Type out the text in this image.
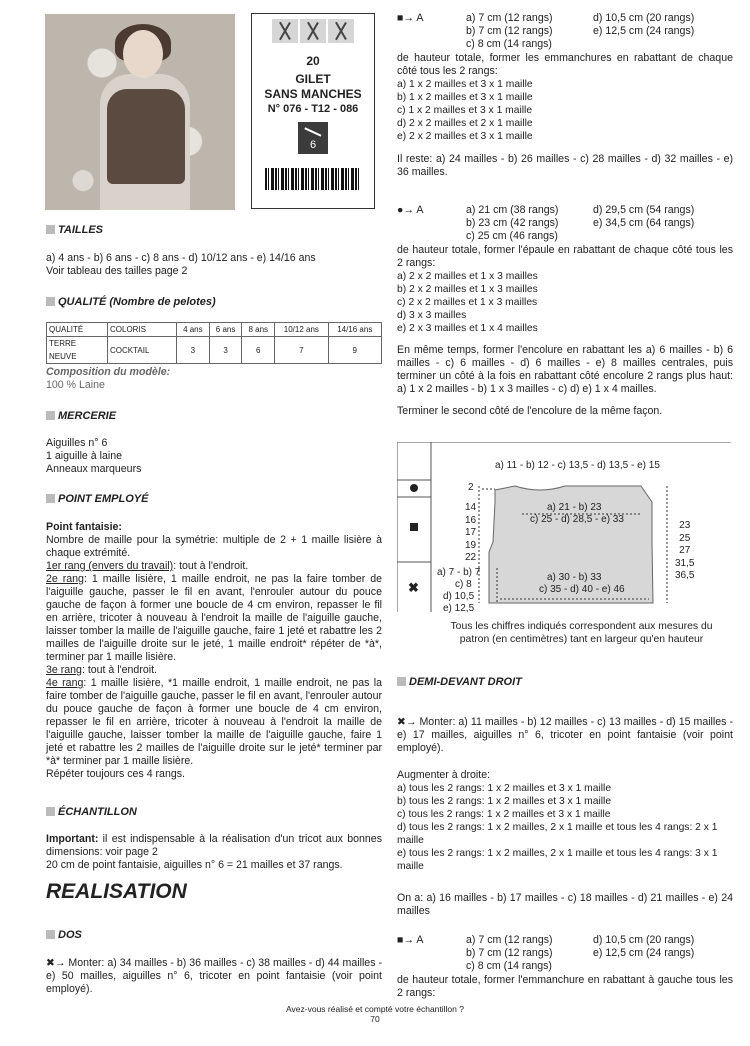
20
GILET
SANS MANCHES
N° 076 - T12 - 086
6
TAILLES
a) 4 ans - b) 6 ans - c) 8 ans - d) 10/12 ans - e) 14/16 ans
Voir tableau des tailles page 2
QUALITÉ (Nombre de pelotes)
QUALITÉ	COLORIS	4 ans	6 ans	8 ans	10/12 ans	14/16 ans
TERRE NEUVE	COCKTAIL	3	3	6	7	9
Composition du modèle:
100 % Laine
MERCERIE
Aiguilles n° 6
1 aiguille à laine
Anneaux marqueurs
POINT EMPLOYÉ
Point fantaisie:
Nombre de maille pour la symétrie: multiple de 2 + 1 maille lisière à chaque extrémité.
1er rang (envers du travail): tout à l'endroit.
2e rang: 1 maille lisière, 1 maille endroit, ne pas la faire tomber de l'aiguille gauche, passer le fil en avant, l'enrouler autour du pouce gauche de façon à former une boucle de 4 cm environ, repasser le fil en arrière, tricoter à nouveau à l'endroit la maille de l'aiguille gauche, laisser tomber la maille de l'aiguille gauche, faire 1 jeté et rabattre les 2 mailles de l'aiguille droite sur le jeté, 1 maille endroit* répéter de *à*, terminer par 1 maille lisière.
3e rang: tout à l'endroit.
4e rang: 1 maille lisière, *1 maille endroit, 1 maille endroit, ne pas la faire tomber de l'aiguille gauche, passer le fil en avant, l'enrouler autour du pouce gauche de façon à former une boucle de 4 cm environ, repasser le fil en arrière, tricoter à nouveau à l'endroit la maille de l'aiguille gauche, laisser tomber la maille de l'aiguille gauche, faire 1 jeté et rabattre les 2 mailles de l'aiguille droite sur le jeté* terminer par *à* terminer par 1 maille lisière.
Répéter toujours ces 4 rangs.
ÉCHANTILLON
Important: il est indispensable à la réalisation d'un tricot aux bonnes dimensions: voir page 2
20 cm de point fantaisie, aiguilles n° 6 = 21 mailles et 37 rangs.
REALISATION
DOS
✖→ Monter: a) 34 mailles - b) 36 mailles - c) 38 mailles - d) 44 mailles - e) 50 mailles, aiguilles n° 6, tricoter en point fantaisie (voir point employé).
■→ A	a) 7 cm (12 rangs)
b) 7 cm (12 rangs)
c) 8 cm (14 rangs)
d) 10,5 cm (20 rangs)
e) 12,5 cm (24 rangs)
de hauteur totale, former les emmanchures en rabattant de chaque côté tous les 2 rangs:
a) 1 x 2 mailles et 3 x 1 maille
b) 1 x 2 mailles et 3 x 1 maille
c) 1 x 2 mailles et 3 x 1 maille
d) 2 x 2 mailles et 2 x 1 maille
e) 2 x 2 mailles et 3 x 1 maille
Il reste: a) 24 mailles - b) 26 mailles - c) 28 mailles - d) 32 mailles - e) 36 mailles.
●→ A	a) 21 cm (38 rangs)
b) 23 cm (42 rangs)
c) 25 cm (46 rangs)
d) 29,5 cm (54 rangs)
e) 34,5 cm (64 rangs)
de hauteur totale, former l'épaule en rabattant de chaque côté tous les 2 rangs:
a) 2 x 2 mailles et 1 x 3 mailles
b) 2 x 2 mailles et 1 x 3 mailles
c) 2 x 2 mailles et 1 x 3 mailles
d) 3 x 3 mailles
e) 2 x 3 mailles et 1 x 4 mailles
En même temps, former l'encolure en rabattant les a) 6 mailles - b) 6 mailles - c) 6 mailles - d) 6 mailles - e) 8 mailles centrales, puis terminer un côté à la fois en rabattant côté encolure 2 rangs plus haut: a) 1 x 2 mailles - b) 1 x 3 mailles - c) d) e) 1 x 4 mailles.
Terminer le second côté de l'encolure de la même façon.
✖
a) 11 - b) 12 - c) 13,5 - d) 13,5 - e) 15
2
14
16
17
19
22
a) 21 - b) 23
c) 25 - d) 28,5 - e) 33
23
25
27
31,5
36,5
a) 7 - b) 7
c) 8
d) 10,5
e) 12,5
a) 30 - b) 33
c) 35 - d) 40 - e) 46
Tous les chiffres indiqués correspondent aux mesures du
patron (en centimètres) tant en largeur qu'en hauteur
DEMI-DEVANT DROIT
✖→ Monter: a) 11 mailles - b) 12 mailles - c) 13 mailles - d) 15 mailles - e) 17 mailles, aiguilles n° 6, tricoter en point fantaisie (voir point employé).
Augmenter à droite:
a) tous les 2 rangs: 1 x 2 mailles et 3 x 1 maille
b) tous les 2 rangs: 1 x 2 mailles et 3 x 1 maille
c) tous les 2 rangs: 1 x 2 mailles et 3 x 1 maille
d) tous les 2 rangs: 1 x 2 mailles, 2 x 1 maille et tous les 4 rangs: 2 x 1 maille
e) tous les 2 rangs: 1 x 2 mailles, 2 x 1 maille et tous les 4 rangs: 3 x 1 maille
On a: a) 16 mailles - b) 17 mailles - c) 18 mailles - d) 21 mailles - e) 24 mailles
■→ A	a) 7 cm (12 rangs)
b) 7 cm (12 rangs)
c) 8 cm (14 rangs)
d) 10,5 cm (20 rangs)
e) 12,5 cm (24 rangs)
de hauteur totale, former l'emmanchure en rabattant à gauche tous les 2 rangs:
Avez-vous réalisé et compté votre échantillon ?
70
